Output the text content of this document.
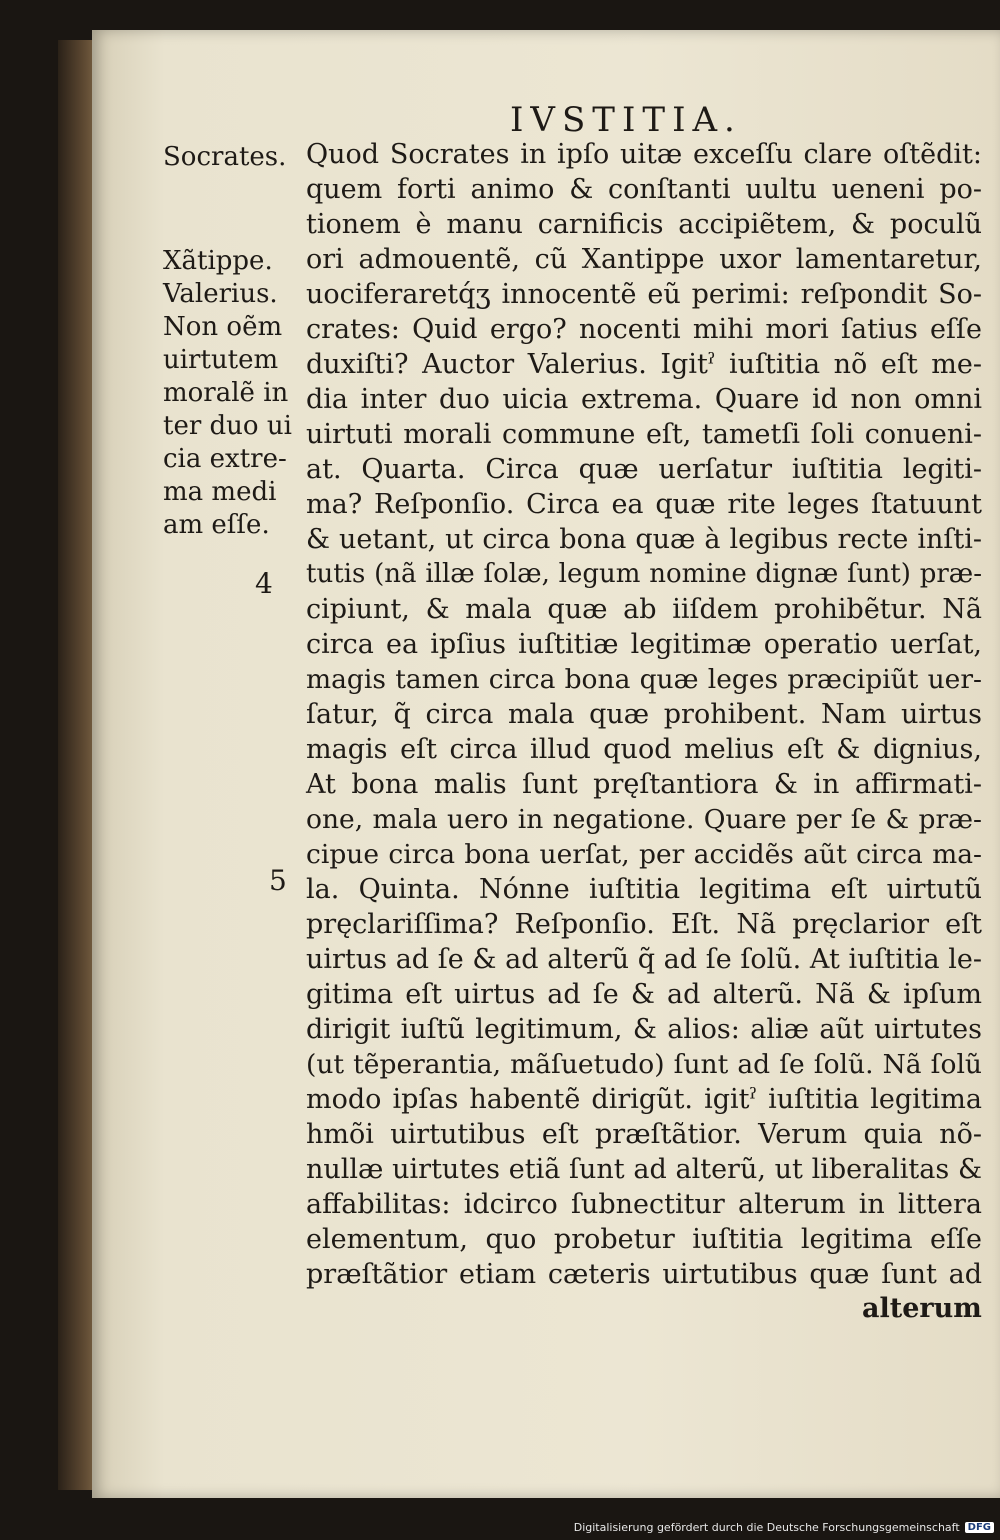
IVSTITIA.
Socrates.
Xãtippe.
Valerius.
Non oẽm
uirtutem
moralẽ in
ter duo ui
cia extre-
ma medi
am eſſe.
4
5
Quod Socrates in ipſo uitæ exceſſu clare oſtẽdit:
quem forti animo & conſtanti uultu ueneni po-
tionem è manu carnificis accipiẽtem, & poculũ
ori admouentẽ, cũ Xantippe uxor lamentaretur,
uociferaretq́ʒ innocentẽ eũ perimi: reſpondit So-
crates: Quid ergo? nocenti mihi mori ſatius eſſe
duxiſti? Auctor Valerius. Igitˀ iuſtitia nõ eſt me-
dia inter duo uicia extrema. Quare id non omni
uirtuti morali commune eſt, tametſi ſoli conueni-
at. Quarta. Circa quæ uerſatur iuſtitia legiti-
ma? Reſponſio. Circa ea quæ rite leges ſtatuunt
& uetant, ut circa bona quæ à legibus recte inſti-
tutis (nã illæ ſolæ, legum nomine dignæ ſunt) præ-
cipiunt, & mala quæ ab iiſdem prohibẽtur. Nã
circa ea ipſius iuſtitiæ legitimæ operatio uerſat,
magis tamen circa bona quæ leges præcipiũt uer-
ſatur, q̃ circa mala quæ prohibent. Nam uirtus
magis eſt circa illud quod melius eſt & dignius,
At bona malis ſunt pręſtantiora & in affirmati-
one, mala uero in negatione. Quare per ſe & præ-
cipue circa bona uerſat, per accidẽs aũt circa ma-
la. Quinta. Nónne iuſtitia legitima eſt uirtutũ
pręclariſſima? Reſponſio. Eſt. Nã pręclarior eſt
uirtus ad ſe & ad alterũ q̃ ad ſe ſolũ. At iuſtitia le-
gitima eſt uirtus ad ſe & ad alterũ. Nã & ipſum
dirigit iuſtũ legitimum, & alios: aliæ aũt uirtutes
(ut tẽperantia, mãſuetudo) ſunt ad ſe ſolũ. Nã ſolũ
modo ipſas habentẽ dirigũt. igitˀ iuſtitia legitima
hmõi uirtutibus eſt præſtãtior. Verum quia nõ-
nullæ uirtutes etiã ſunt ad alterũ, ut liberalitas &
affabilitas: idcirco ſubnectitur alterum in littera
elementum, quo probetur iuſtitia legitima eſſe
præſtãtior etiam cæteris uirtutibus quæ ſunt ad
alterum
Digitalisierung gefördert durch die Deutsche Forschungsgemeinschaft DFG
